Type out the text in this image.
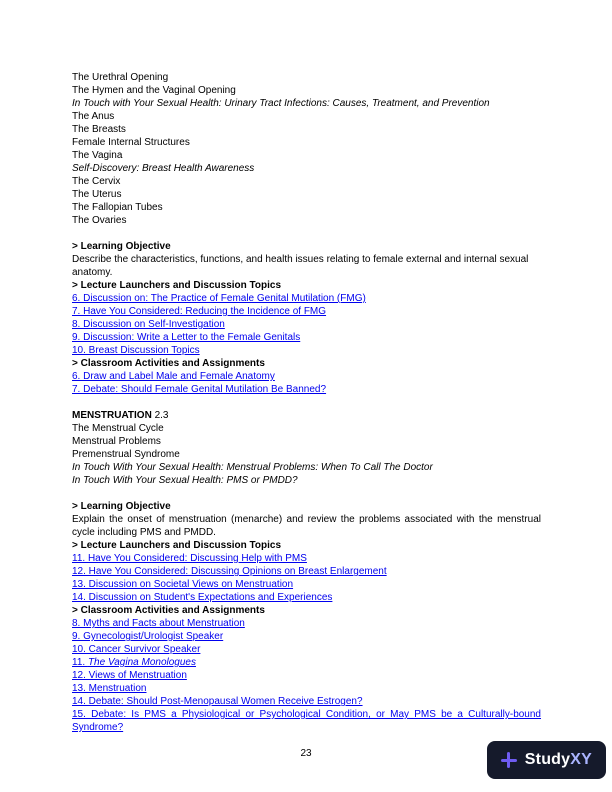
The Urethral Opening
The Hymen and the Vaginal Opening
In Touch with Your Sexual Health: Urinary Tract Infections: Causes, Treatment, and Prevention
The Anus
The Breasts
Female Internal Structures
The Vagina
Self-Discovery: Breast Health Awareness
The Cervix
The Uterus
The Fallopian Tubes
The Ovaries
> Learning Objective
Describe the characteristics, functions, and health issues relating to female external and internal sexual anatomy.
> Lecture Launchers and Discussion Topics
6. Discussion on: The Practice of Female Genital Mutilation (FMG)
7. Have You Considered: Reducing the Incidence of FMG
8. Discussion on Self-Investigation
9. Discussion: Write a Letter to the Female Genitals
10. Breast Discussion Topics
> Classroom Activities and Assignments
6. Draw and Label Male and Female Anatomy
7. Debate: Should Female Genital Mutilation Be Banned?
MENSTRUATION 2.3
The Menstrual Cycle
Menstrual Problems
Premenstrual Syndrome
In Touch With Your Sexual Health: Menstrual Problems: When To Call The Doctor
In Touch With Your Sexual Health: PMS or PMDD?
> Learning Objective
Explain the onset of menstruation (menarche) and review the problems associated with the menstrual cycle including PMS and PMDD.
> Lecture Launchers and Discussion Topics
11. Have You Considered: Discussing Help with PMS
12. Have You Considered: Discussing Opinions on Breast Enlargement
13. Discussion on Societal Views on Menstruation
14. Discussion on Student's Expectations and Experiences
> Classroom Activities and Assignments
8. Myths and Facts about Menstruation
9. Gynecologist/Urologist Speaker
10. Cancer Survivor Speaker
11. The Vagina Monologues
12. Views of Menstruation
13. Menstruation
14. Debate: Should Post-Menopausal Women Receive Estrogen?
15. Debate: Is PMS a Physiological or Psychological Condition, or May PMS be a Culturally-bound Syndrome?
23	Study XY
